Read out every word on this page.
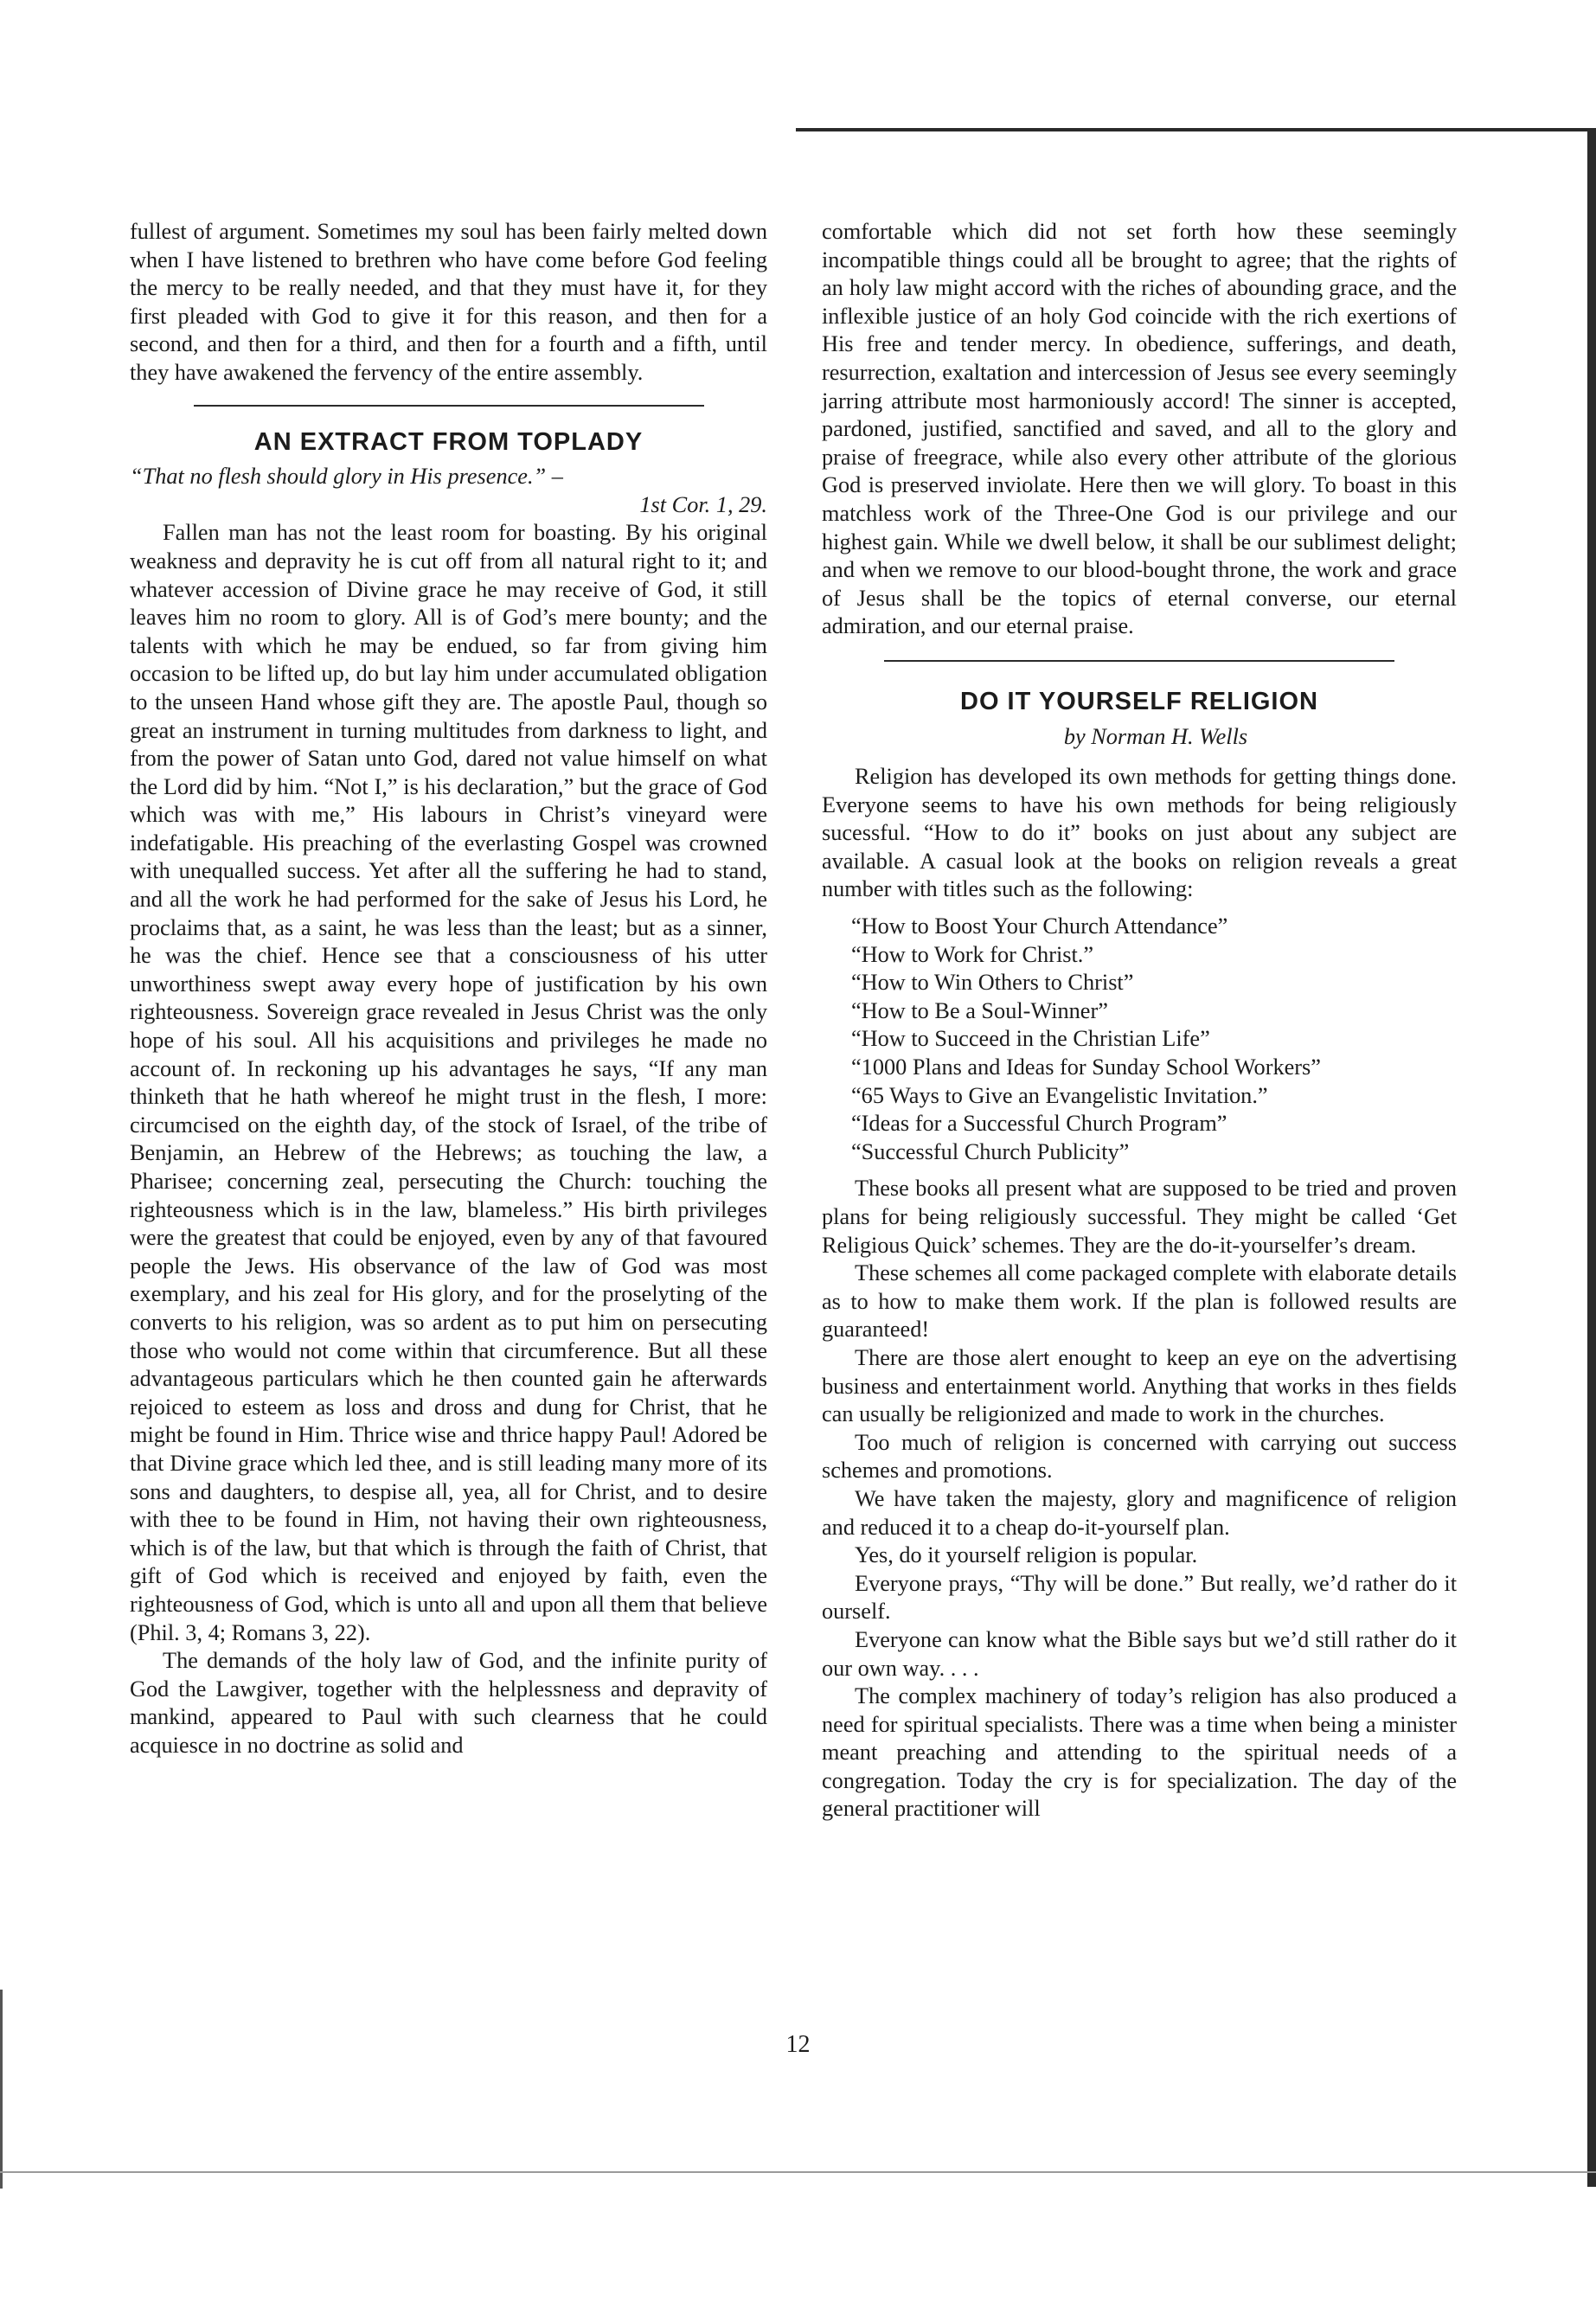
fullest of argument. Sometimes my soul has been fairly melted down when I have listened to brethren who have come before God feeling the mercy to be really needed, and that they must have it, for they first pleaded with God to give it for this reason, and then for a second, and then for a third, and then for a fourth and a fifth, until they have awakened the fervency of the entire assembly.

AN EXTRACT FROM TOPLADY

“That no flesh should glory in His presence.” –

1st Cor. 1, 29.

Fallen man has not the least room for boasting. By his original weakness and depravity he is cut off from all natural right to it; and whatever accession of Divine grace he may receive of God, it still leaves him no room to glory. All is of God’s mere bounty; and the talents with which he may be endued, so far from giving him occasion to be lifted up, do but lay him under accumulated obligation to the unseen Hand whose gift they are. The apostle Paul, though so great an instrument in turning multitudes from darkness to light, and from the power of Satan unto God, dared not value himself on what the Lord did by him. “Not I,” is his declaration,” but the grace of God which was with me,” His labours in Christ’s vineyard were indefatigable. His preaching of the everlasting Gospel was crowned with unequalled success. Yet after all the suffering he had to stand, and all the work he had performed for the sake of Jesus his Lord, he proclaims that, as a saint, he was less than the least; but as a sinner, he was the chief. Hence see that a consciousness of his utter unworthiness swept away every hope of justification by his own righteousness. Sovereign grace revealed in Jesus Christ was the only hope of his soul. All his acquisitions and privileges he made no account of. In reckoning up his advantages he says, “If any man thinketh that he hath whereof he might trust in the flesh, I more: circumcised on the eighth day, of the stock of Israel, of the tribe of Benjamin, an Hebrew of the Hebrews; as touching the law, a Pharisee; concerning zeal, persecuting the Church: touching the righteousness which is in the law, blameless.” His birth privileges were the greatest that could be enjoyed, even by any of that favoured people the Jews. His observance of the law of God was most exemplary, and his zeal for His glory, and for the proselyting of the converts to his religion, was so ardent as to put him on persecuting those who would not come within that circumference. But all these advantageous particulars which he then counted gain he afterwards rejoiced to esteem as loss and dross and dung for Christ, that he might be found in Him. Thrice wise and thrice happy Paul! Adored be that Divine grace which led thee, and is still leading many more of its sons and daughters, to despise all, yea, all for Christ, and to desire with thee to be found in Him, not having their own righteousness, which is of the law, but that which is through the faith of Christ, that gift of God which is received and enjoyed by faith, even the righteousness of God, which is unto all and upon all them that believe (Phil. 3, 4; Romans 3, 22).

The demands of the holy law of God, and the infinite purity of God the Lawgiver, together with the helplessness and depravity of mankind, appeared to Paul with such clearness that he could acquiesce in no doctrine as solid and

comfortable which did not set forth how these seemingly incompatible things could all be brought to agree; that the rights of an holy law might accord with the riches of abounding grace, and the inflexible justice of an holy God coincide with the rich exertions of His free and tender mercy. In obedience, sufferings, and death, resurrection, exaltation and intercession of Jesus see every seemingly jarring attribute most harmoniously accord! The sinner is accepted, pardoned, justified, sanctified and saved, and all to the glory and praise of freegrace, while also every other attribute of the glorious God is preserved inviolate. Here then we will glory. To boast in this matchless work of the Three-One God is our privilege and our highest gain. While we dwell below, it shall be our sublimest delight; and when we remove to our blood-bought throne, the work and grace of Jesus shall be the topics of eternal converse, our eternal admiration, and our eternal praise.

DO IT YOURSELF RELIGION

by Norman H. Wells

Religion has developed its own methods for getting things done. Everyone seems to have his own methods for being religiously sucessful. “How to do it” books on just about any subject are available. A casual look at the books on religion reveals a great number with titles such as the following:

“How to Boost Your Church Attendance”
“How to Work for Christ.”
“How to Win Others to Christ”
“How to Be a Soul-Winner”
“How to Succeed in the Christian Life”
“1000 Plans and Ideas for Sunday School Workers”
“65 Ways to Give an Evangelistic Invitation.”
“Ideas for a Successful Church Program”
“Successful Church Publicity”

These books all present what are supposed to be tried and proven plans for being religiously successful. They might be called ‘Get Religious Quick’ schemes. They are the do-it-yourselfer’s dream.

These schemes all come packaged complete with elaborate details as to how to make them work. If the plan is followed results are guaranteed!

There are those alert enought to keep an eye on the advertising business and entertainment world. Anything that works in thes fields can usually be religionized and made to work in the churches.

Too much of religion is concerned with carrying out success schemes and promotions.

We have taken the majesty, glory and magnificence of religion and reduced it to a cheap do-it-yourself plan.

Yes, do it yourself religion is popular.

Everyone prays, “Thy will be done.” But really, we’d rather do it ourself.

Everyone can know what the Bible says but we’d still rather do it our own way. . . .

The complex machinery of today’s religion has also produced a need for spiritual specialists. There was a time when being a minister meant preaching and attending to the spiritual needs of a congregation. Today the cry is for specialization. The day of the general practitioner will

12
